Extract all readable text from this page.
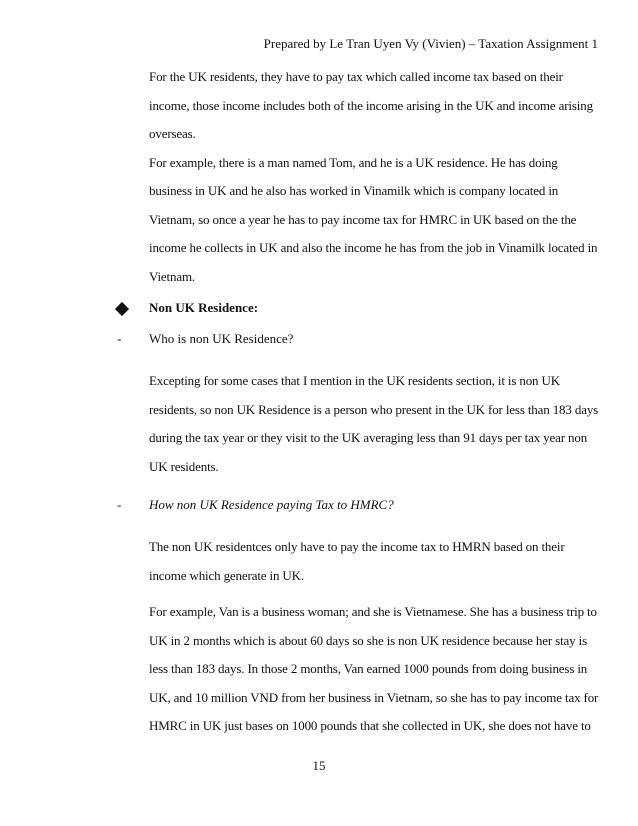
Prepared by Le Tran Uyen Vy (Vivien) – Taxation Assignment 1
For the UK residents, they have to pay tax which called income tax based on their
income, those income includes both of the income arising in the UK and income arising
overseas.
For example, there is a man named Tom, and he is a UK residence. He has doing
business in UK and he also has worked in Vinamilk which is company located in
Vietnam, so once a year he has to pay income tax for HMRC in UK based on the the
income he collects in UK and also the income he has from the job in Vinamilk located in
Vietnam.
Non UK Residence:
- Who is non UK Residence?
Excepting for some cases that I mention in the UK residents section, it is non UK
residents, so non UK Residence is a person who present in the UK for less than 183 days
during the tax year or they visit to the UK averaging less than 91 days per tax year non
UK residents.
- How non UK Residence paying Tax to HMRC?
The non UK residentces only have to pay the income tax to HMRN based on their
income which generate in UK.
For example, Van is a business woman; and she is Vietnamese. She has a business trip to
UK in 2 months which is about 60 days so she is non UK residence because her stay is
less than 183 days. In those 2 months, Van earned 1000 pounds from doing business in
UK, and 10 million VND from her business in Vietnam, so she has to pay income tax for
HMRC in UK just bases on 1000 pounds that she collected in UK, she does not have to
15
